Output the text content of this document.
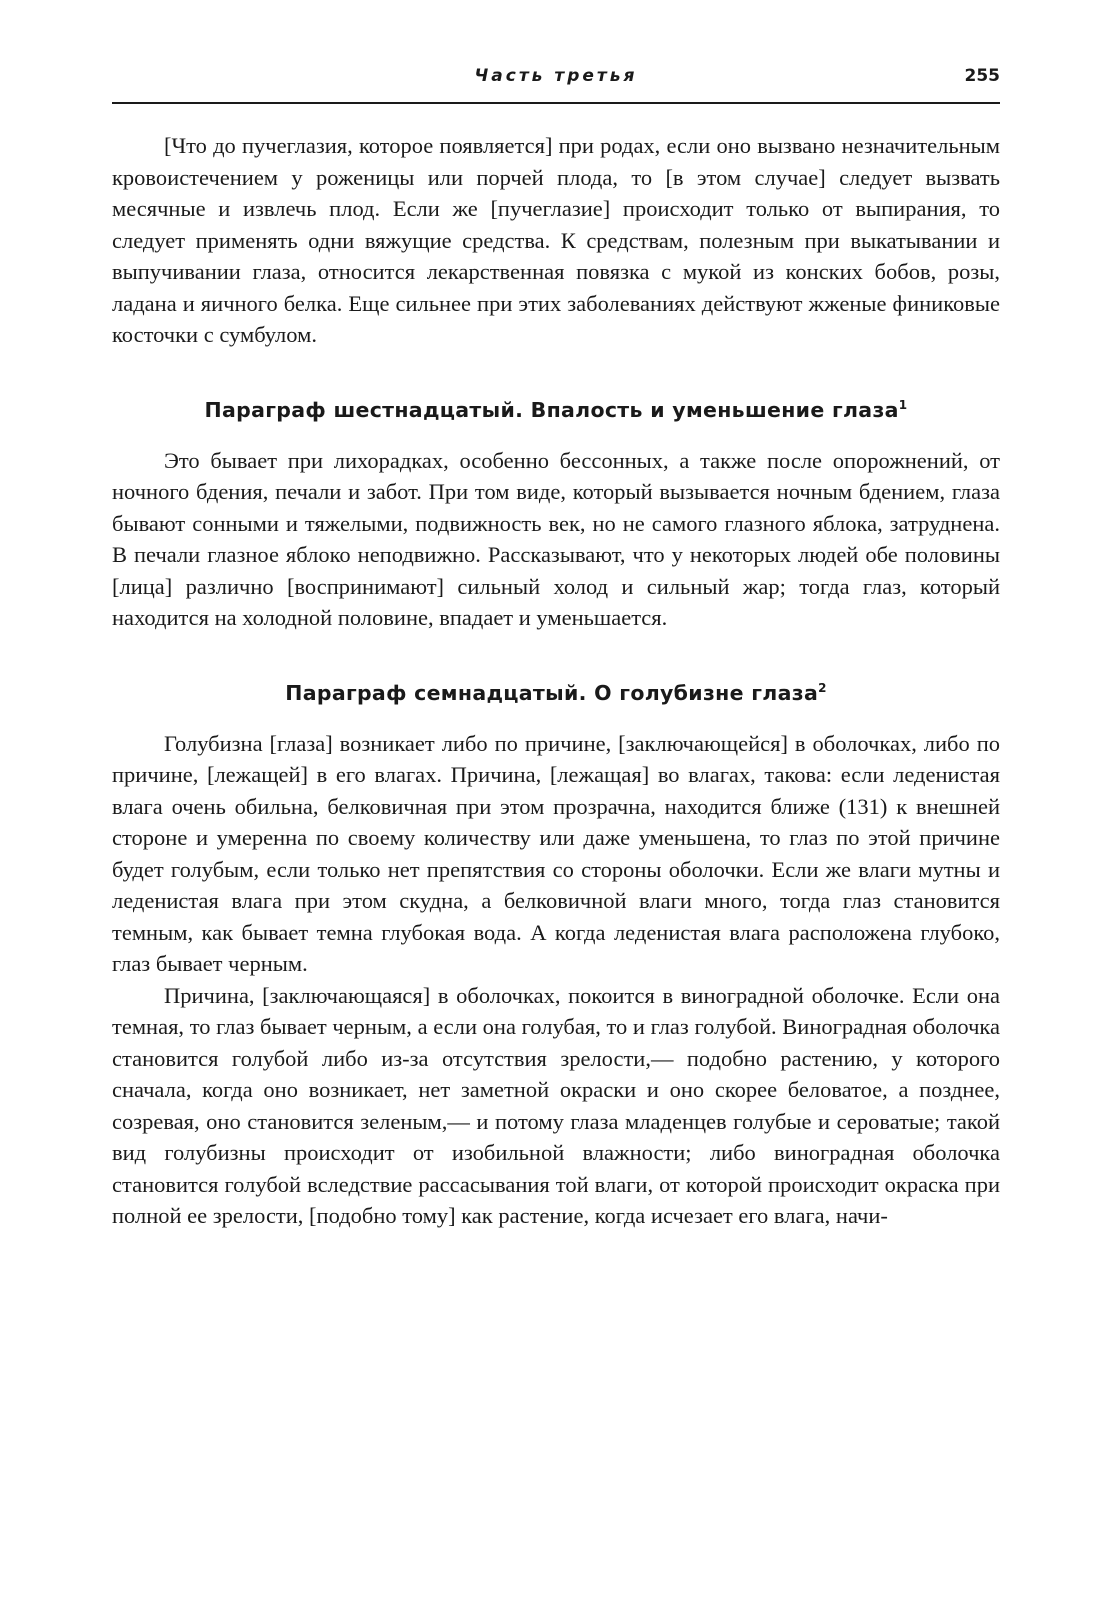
Часть третья	255

[Что до пучеглазия, которое появляется] при родах, если оно вызвано незначительным кровоистечением у роженицы или порчей плода, то [в этом случае] следует вызвать месячные и извлечь плод. Если же [пучеглазие] происходит только от выпирания, то следует применять одни вяжущие средства. К средствам, полезным при выкатывании и выпучивании глаза, относится лекарственная повязка с мукой из конских бобов, розы, ладана и яичного белка. Еще сильнее при этих заболеваниях действуют жженые финиковые косточки с сумбулом.

Параграф шестнадцатый. Впалость и уменьшение глаза$^1$

Это бывает при лихорадках, особенно бессонных, а также после опорожнений, от ночного бдения, печали и забот. При том виде, который вызывается ночным бдением, глаза бывают сонными и тяжелыми, подвижность век, но не самого глазного яблока, затруднена. В печали глазное яблоко неподвижно. Рассказывают, что у некоторых людей обе половины [лица] различно [воспринимают] сильный холод и сильный жар; тогда глаз, который находится на холодной половине, впадает и уменьшается.

Параграф семнадцатый. О голубизне глаза$^2$

Голубизна [глаза] возникает либо по причине, [заключающейся] в оболочках, либо по причине, [лежащей] в его влагах. Причина, [лежащая] во влагах, такова: если леденистая влага очень обильна, белковичная при этом прозрачна, находится ближе (131) к внешней стороне и умеренна по своему количеству или даже уменьшена, то глаз по этой причине будет голубым, если только нет препятствия со стороны оболочки. Если же влаги мутны и леденистая влага при этом скудна, а белковичной влаги много, тогда глаз становится темным, как бывает темна глубокая вода. А когда леденистая влага расположена глубоко, глаз бывает черным.

Причина, [заключающаяся] в оболочках, покоится в виноградной оболочке. Если она темная, то глаз бывает черным, а если она голубая, то и глаз голубой. Виноградная оболочка становится голубой либо из-за отсутствия зрелости,— подобно растению, у которого сначала, когда оно возникает, нет заметной окраски и оно скорее беловатое, а позднее, созревая, оно становится зеленым,— и потому глаза младенцев голубые и сероватые; такой вид голубизны происходит от изобильной влажности; либо виноградная оболочка становится голубой вследствие рассасывания той влаги, от которой происходит окраска при полной ее зрелости, [подобно тому] как растение, когда исчезает его влага, начи-
